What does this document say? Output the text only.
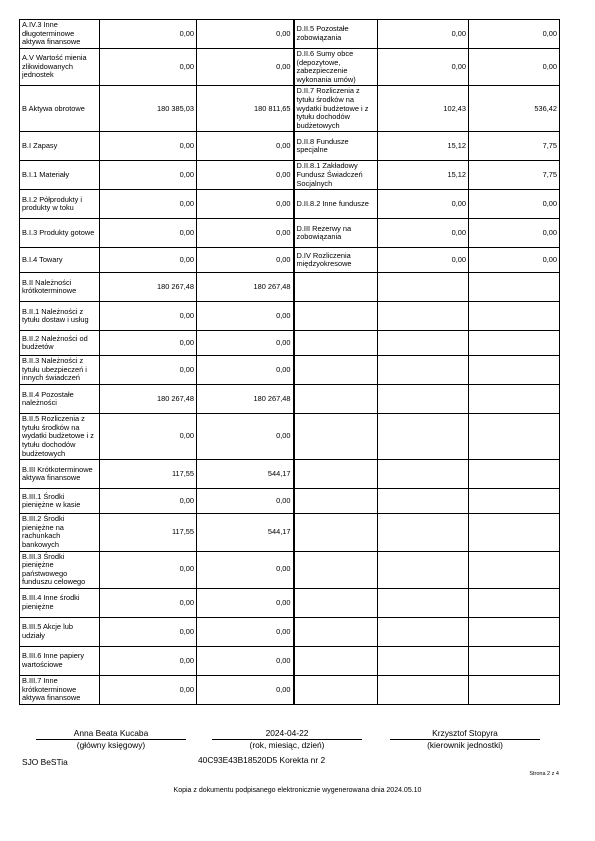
A.IV.3 Inne długoterminowe aktywa finansowe	0,00	0,00	D.II.5 Pozostałe zobowiązania	0,00	0,00
A.V Wartość mienia zlikwidowanych jednostek	0,00	0,00	D.II.6 Sumy obce (depozytowe, zabezpieczenie wykonania umów)	0,00	0,00
B Aktywa obrotowe	180 385,03	180 811,65	D.II.7 Rozliczenia z tytułu środków na wydatki budżetowe i z tytułu dochodów budżetowych	102,43	536,42
B.I Zapasy	0,00	0,00	D.II.8 Fundusze specjalne	15,12	7,75
B.I.1 Materiały	0,00	0,00	D.II.8.1 Zakładowy Fundusz Świadczeń Socjalnych	15,12	7,75
B.I.2 Półprodukty i produkty w toku	0,00	0,00	D.II.8.2 Inne fundusze	0,00	0,00
B.I.3 Produkty gotowe	0,00	0,00	D.III Rezerwy na zobowiązania	0,00	0,00
B.I.4 Towary	0,00	0,00	D.IV Rozliczenia międzyokresowe	0,00	0,00
B.II Należności krótkoterminowe	180 267,48	180 267,48			
B.II.1 Należności z tytułu dostaw i usług	0,00	0,00			
B.II.2 Należności od budżetów	0,00	0,00			
B.II.3 Należności z tytułu ubezpieczeń i innych świadczeń	0,00	0,00			
B.II.4 Pozostałe należności	180 267,48	180 267,48			
B.II.5 Rozliczenia z tytułu środków na wydatki budżetowe i z tytułu dochodów budżetowych	0,00	0,00			
B.III Krótkoterminowe aktywa finansowe	117,55	544,17			
B.III.1 Środki pieniężne w kasie	0,00	0,00			
B.III.2 Środki pieniężne na rachunkach bankowych	117,55	544,17			
B.III.3 Środki pieniężne państwowego funduszu celowego	0,00	0,00			
B.III.4 Inne środki pieniężne	0,00	0,00			
B.III.5 Akcje lub udziały	0,00	0,00			
B.III.6 Inne papiery wartościowe	0,00	0,00			
B.III.7 Inne krótkoterminowe aktywa finansowe	0,00	0,00			
Anna Beata Kucaba
(główny księgowy)
2024-04-22
(rok, miesiąc, dzień)
Krzysztof Stopyra
(kierownik jednostki)
SJO BeSTia	40C93E43B18520D5 Korekta nr 2
Strona 2 z 4
Kopia z dokumentu podpisanego elektronicznie wygenerowana dnia 2024.05.10
